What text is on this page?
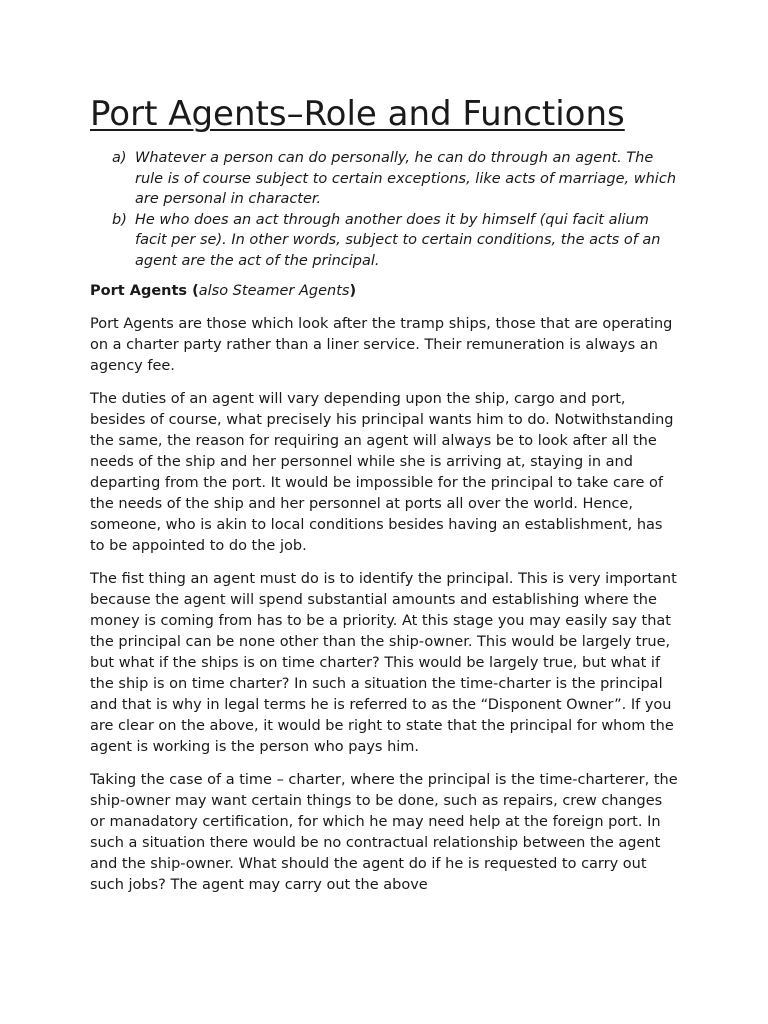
Port Agents–Role and Functions
a) Whatever a person can do personally, he can do through an agent. The rule is of course subject to certain exceptions, like acts of marriage, which are personal in character.
b) He who does an act through another does it by himself (qui facit alium facit per se). In other words, subject to certain conditions, the acts of an agent are the act of the principal.
Port Agents (also Steamer Agents)

Port Agents are those which look after the tramp ships, those that are operating on a charter party rather than a liner service. Their remuneration is always an agency fee.

The duties of an agent will vary depending upon the ship, cargo and port, besides of course, what precisely his principal wants him to do. Notwithstanding the same, the reason for requiring an agent will always be to look after all the needs of the ship and her personnel while she is arriving at, staying in and departing from the port. It would be impossible for the principal to take care of the needs of the ship and her personnel at ports all over the world. Hence, someone, who is akin to local conditions besides having an establishment, has to be appointed to do the job.

The fist thing an agent must do is to identify the principal. This is very important because the agent will spend substantial amounts and establishing where the money is coming from has to be a priority. At this stage you may easily say that the principal can be none other than the ship-owner. This would be largely true, but what if the ships is on time charter? This would be largely true, but what if the ship is on time charter? In such a situation the time-charter is the principal and that is why in legal terms he is referred to as the “Disponent Owner”. If you are clear on the above, it would be right to state that the principal for whom the agent is working is the person who pays him.

Taking the case of a time – charter, where the principal is the time-charterer, the ship-owner may want certain things to be done, such as repairs, crew changes or manadatory certification, for which he may need help at the foreign port. In such a situation there would be no contractual relationship between the agent and the ship-owner. What should the agent do if he is requested to carry out such jobs? The agent may carry out the above
